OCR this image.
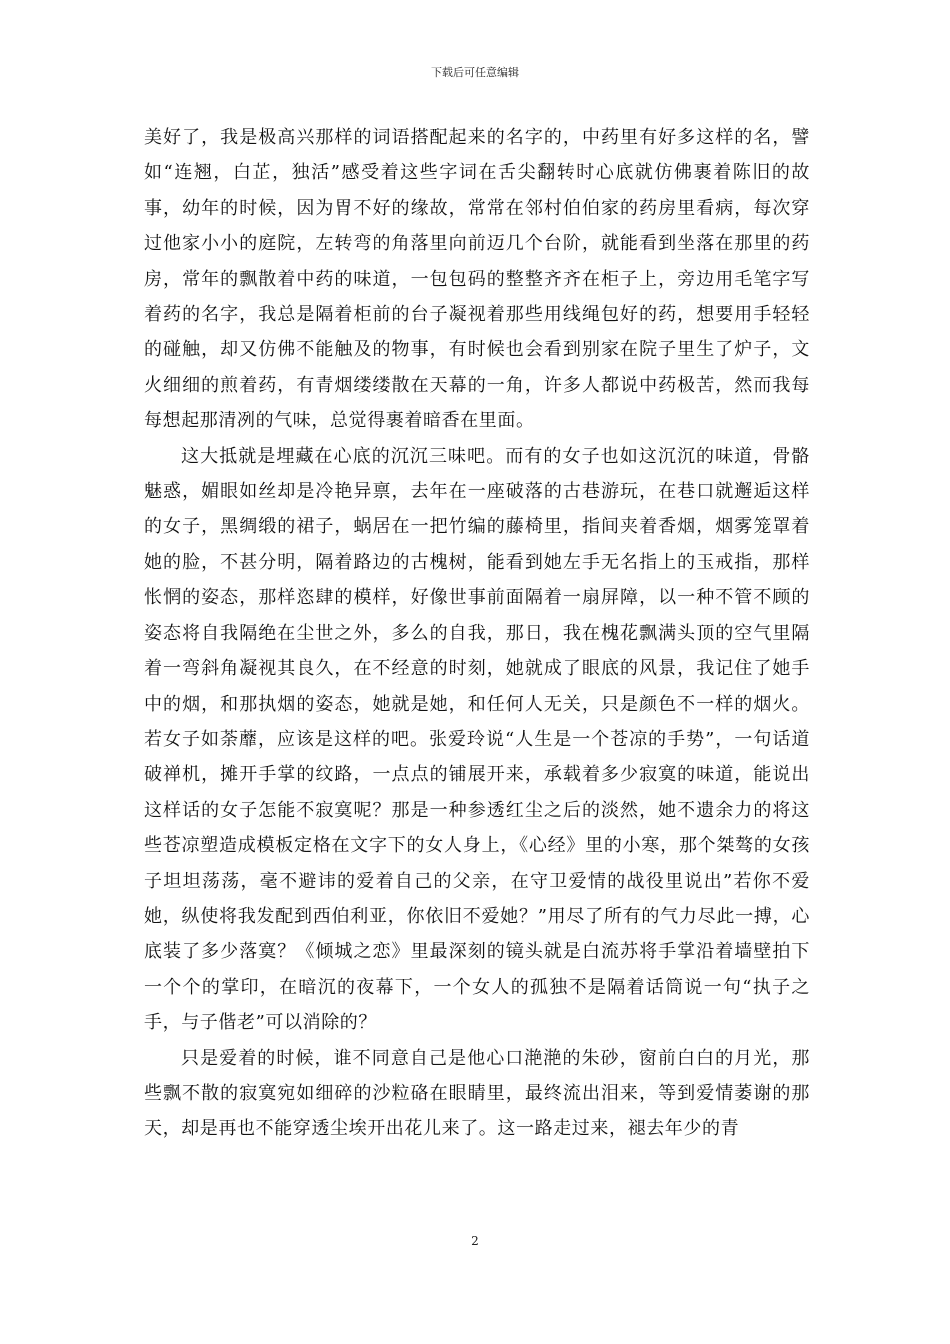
下载后可任意编辑

美好了，我是极高兴那样的词语搭配起来的名字的，中药里有好多这样的名，譬如“连翘，白芷，独活”感受着这些字词在舌尖翻转时心底就仿佛裹着陈旧的故事，幼年的时候，因为胃不好的缘故，常常在邻村伯伯家的药房里看病，每次穿过他家小小的庭院，左转弯的角落里向前迈几个台阶，就能看到坐落在那里的药房，常年的飘散着中药的味道，一包包码的整整齐齐在柜子上，旁边用毛笔字写着药的名字，我总是隔着柜前的台子凝视着那些用线绳包好的药，想要用手轻轻的碰触，却又仿佛不能触及的物事，有时候也会看到别家在院子里生了炉子，文火细细的煎着药，有青烟缕缕散在天幕的一角，许多人都说中药极苦，然而我每每想起那清冽的气味，总觉得裹着暗香在里面。

这大抵就是埋藏在心底的沉沉三味吧。而有的女子也如这沉沉的味道，骨骼魅惑，媚眼如丝却是冷艳异禀，去年在一座破落的古巷游玩，在巷口就邂逅这样的女子，黑绸缎的裙子，蜗居在一把竹编的藤椅里，指间夹着香烟，烟雾笼罩着她的脸，不甚分明，隔着路边的古槐树，能看到她左手无名指上的玉戒指，那样怅惘的姿态，那样恣肆的模样，好像世事前面隔着一扇屏障，以一种不管不顾的姿态将自我隔绝在尘世之外，多么的自我，那日，我在槐花飘满头顶的空气里隔着一弯斜角凝视其良久，在不经意的时刻，她就成了眼底的风景，我记住了她手中的烟，和那执烟的姿态，她就是她，和任何人无关，只是颜色不一样的烟火。若女子如荼蘼，应该是这样的吧。张爱玲说“人生是一个苍凉的手势”，一句话道破禅机，摊开手掌的纹路，一点点的铺展开来，承载着多少寂寞的味道，能说出这样话的女子怎能不寂寞呢？那是一种参透红尘之后的淡然，她不遗余力的将这些苍凉塑造成模板定格在文字下的女人身上，《心经》里的小寒，那个桀骜的女孩子坦坦荡荡，毫不避讳的爱着自己的父亲，在守卫爱情的战役里说出”若你不爱她，纵使将我发配到西伯利亚，你依旧不爱她？”用尽了所有的气力尽此一搏，心底装了多少落寞？《倾城之恋》里最深刻的镜头就是白流苏将手掌沿着墙壁拍下一个个的掌印，在暗沉的夜幕下，一个女人的孤独不是隔着话筒说一句“执子之手，与子偕老”可以消除的？

只是爱着的时候，谁不同意自己是他心口滟滟的朱砂，窗前白白的月光，那些飘不散的寂寞宛如细碎的沙粒硌在眼睛里，最终流出泪来，等到爱情萎谢的那天，却是再也不能穿透尘埃开出花儿来了。这一路走过来，褪去年少的青

2
